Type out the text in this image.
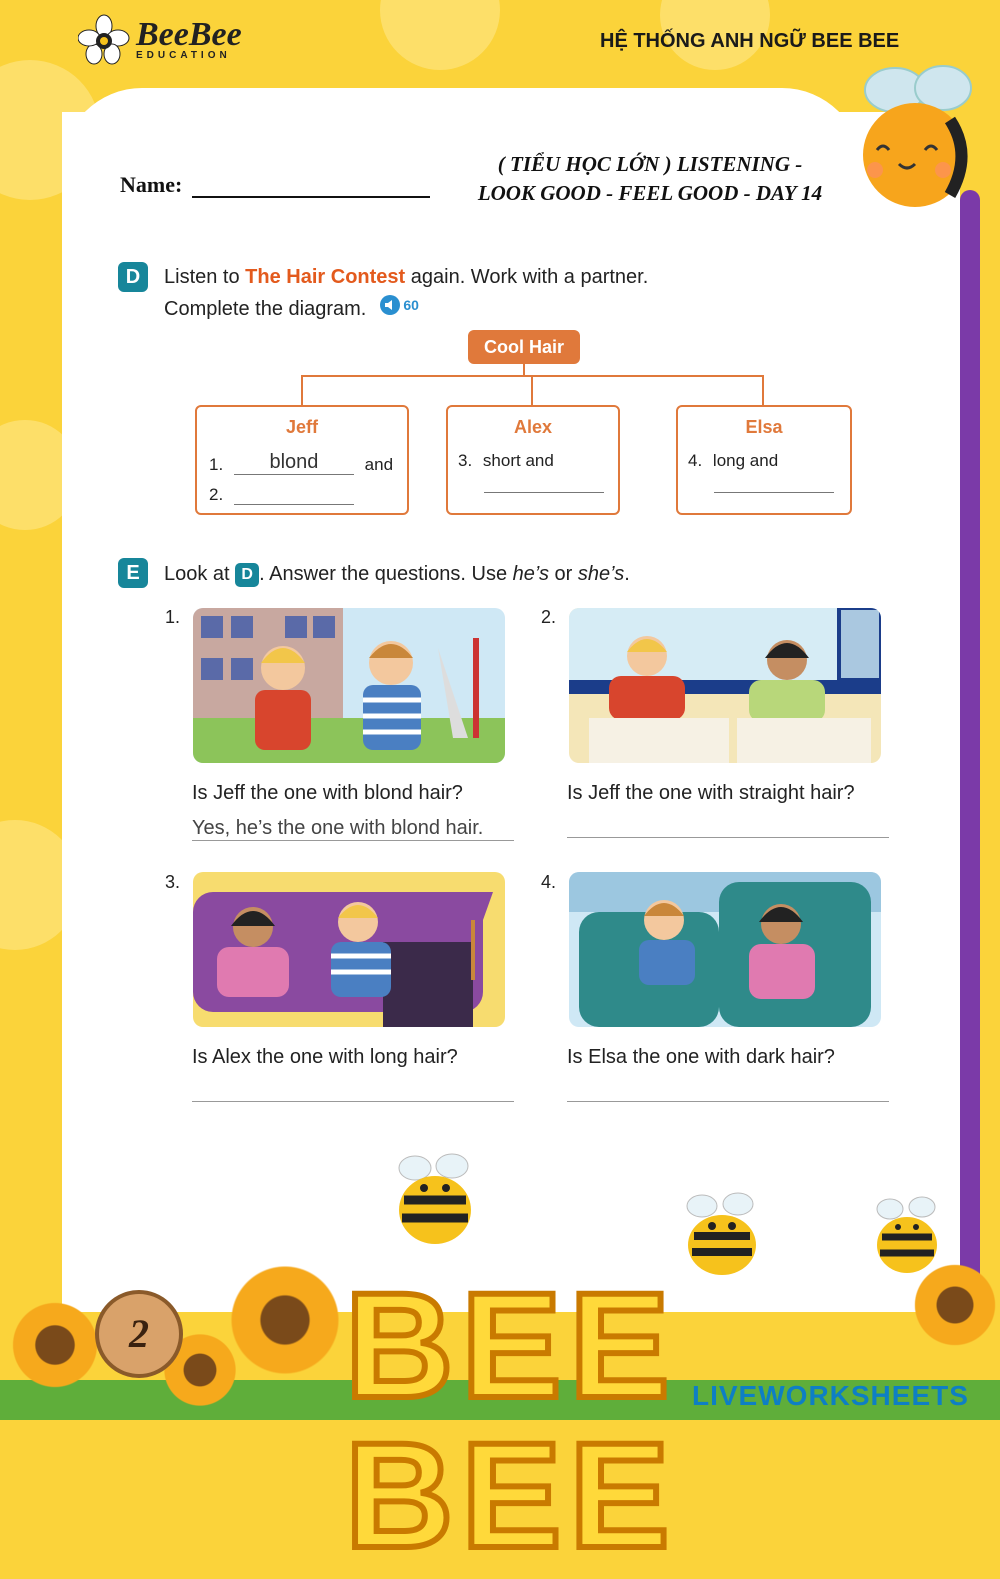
BeeBee
EDUCATION
HỆ THỐNG ANH NGỮ BEE BEE
Name:
( TIỂU HỌC LỚN ) LISTENING -
LOOK GOOD - FEEL GOOD - DAY 14
D	Listen to The Hair Contest again. Work with a partner.
Complete the diagram.	60
Cool Hair
Jeff
1. blond	and
2.
Alex
3. short and
Elsa
4. long and
E	Look at D . Answer the questions. Use he’s or she’s.
1.
Is Jeff the one with blond hair?
Yes, he’s the one with blond hair.
2.
Is Jeff the one with straight hair?
3.
Is Alex the one with long hair?
4.
Is Elsa the one with dark hair?
2 BEE BEE
LIVEWORKSHEETS
